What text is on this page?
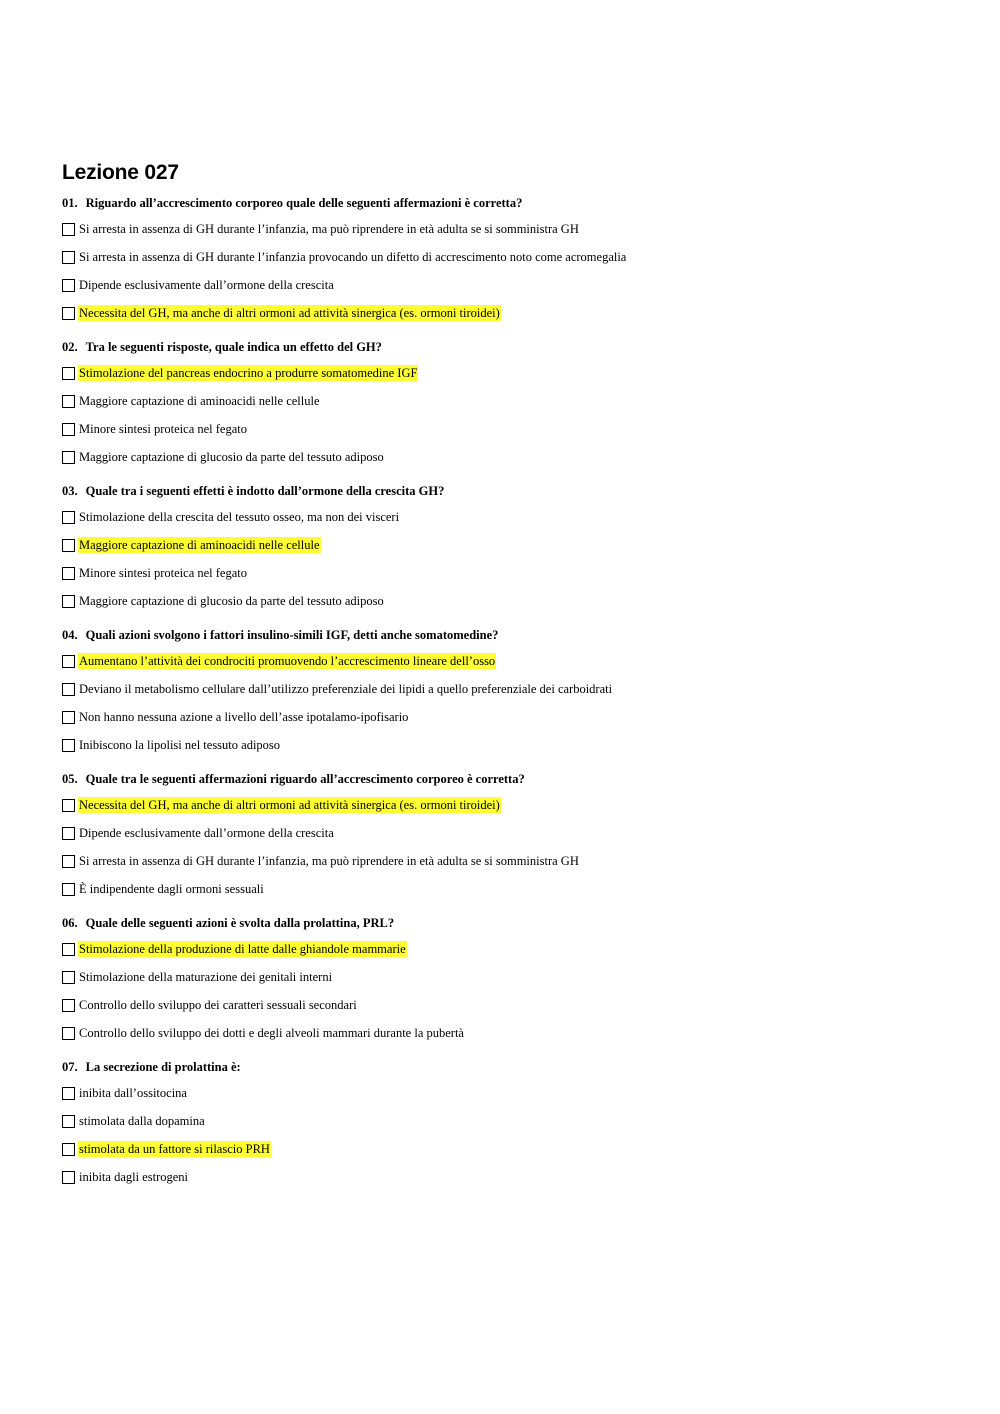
Lezione 027
01. Riguardo all’accrescimento corporeo quale delle seguenti affermazioni è corretta?
Si arresta in assenza di GH durante l’infanzia, ma può riprendere in età adulta se si somministra GH
Si arresta in assenza di GH durante l’infanzia provocando un difetto di accrescimento noto come acromegalia
Dipende esclusivamente dall’ormone della crescita
Necessita del GH, ma anche di altri ormoni ad attività sinergica (es. ormoni tiroidei)
02. Tra le seguenti risposte, quale indica un effetto del GH?
Stimolazione del pancreas endocrino a produrre somatomedine IGF
Maggiore captazione di aminoacidi nelle cellule
Minore sintesi proteica nel fegato
Maggiore captazione di glucosio da parte del tessuto adiposo
03. Quale tra i seguenti effetti è indotto dall’ormone della crescita GH?
Stimolazione della crescita del tessuto osseo, ma non dei visceri
Maggiore captazione di aminoacidi nelle cellule
Minore sintesi proteica nel fegato
Maggiore captazione di glucosio da parte del tessuto adiposo
04. Quali azioni svolgono i fattori insulino-simili IGF, detti anche somatomedine?
Aumentano l’attività dei condrociti promuovendo l’accrescimento lineare dell’osso
Deviano il metabolismo cellulare dall’utilizzo preferenziale dei lipidi a quello preferenziale dei carboidrati
Non hanno nessuna azione a livello dell’asse ipotalamo-ipofisario
Inibiscono la lipolisi nel tessuto adiposo
05. Quale tra le seguenti affermazioni riguardo all’accrescimento corporeo è corretta?
Necessita del GH, ma anche di altri ormoni ad attività sinergica (es. ormoni tiroidei)
Dipende esclusivamente dall’ormone della crescita
Si arresta in assenza di GH durante l’infanzia, ma può riprendere in età adulta se si somministra GH
È indipendente dagli ormoni sessuali
06. Quale delle seguenti azioni è svolta dalla prolattina, PRL?
Stimolazione della produzione di latte dalle ghiandole mammarie
Stimolazione della maturazione dei genitali interni
Controllo dello sviluppo dei caratteri sessuali secondari
Controllo dello sviluppo dei dotti e degli alveoli mammari durante la pubertà
07. La secrezione di prolattina è:
inibita dall’ossitocina
stimolata dalla dopamina
stimolata da un fattore si rilascio PRH
inibita dagli estrogeni
